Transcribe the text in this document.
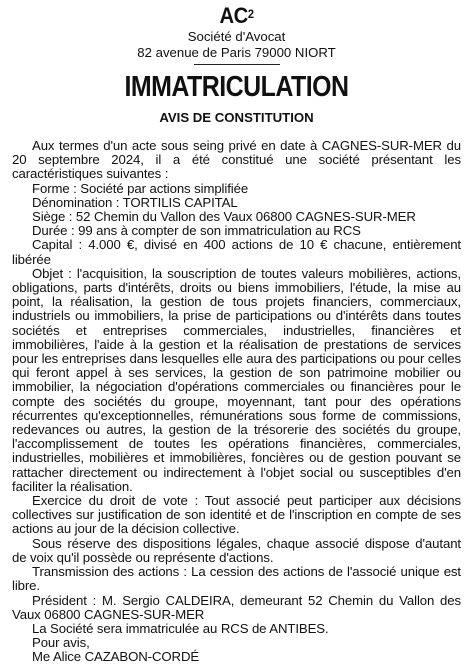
$AC^2$
Société d'Avocat
82 avenue de Paris 79000 NIORT
IMMATRICULATION
AVIS DE CONSTITUTION

Aux termes d'un acte sous seing privé en date à CAGNES-SUR-MER du 20 septembre 2024, il a été constitué une société présentant les caractéristiques suivantes :

Forme : Société par actions simplifiée

Dénomination : TORTILIS CAPITAL

Siège : 52 Chemin du Vallon des Vaux 06800 CAGNES-SUR-MER

Durée : 99 ans à compter de son immatriculation au RCS

Capital : 4.000 €, divisé en 400 actions de 10 € chacune, entièrement libérée

Objet : l'acquisition, la souscription de toutes valeurs mobilières, actions, obligations, parts d'intérêts, droits ou biens immobiliers, l'étude, la mise au point, la réalisation, la gestion de tous projets financiers, commerciaux, industriels ou immobiliers, la prise de participations ou d'intérêts dans toutes sociétés et entreprises commerciales, industrielles, financières et immobilières, l'aide à la gestion et la réalisation de prestations de services pour les entreprises dans lesquelles elle aura des participations ou pour celles qui feront appel à ses services, la gestion de son patrimoine mobilier ou immobilier, la négociation d'opérations commerciales ou financières pour le compte des sociétés du groupe, moyennant, tant pour des opérations récurrentes qu'exceptionnelles, rémunérations sous forme de commissions, redevances ou autres, la gestion de la trésorerie des sociétés du groupe, l'accomplissement de toutes les opérations financières, commerciales, industrielles, mobilières et immobilières, foncières ou de gestion pouvant se rattacher directement ou indirectement à l'objet social ou susceptibles d'en faciliter la réalisation.

Exercice du droit de vote : Tout associé peut participer aux décisions collectives sur justification de son identité et de l'inscription en compte de ses actions au jour de la décision collective.

Sous réserve des dispositions légales, chaque associé dispose d'autant de voix qu'il possède ou représente d'actions.

Transmission des actions : La cession des actions de l'associé unique est libre.

Président : M. Sergio CALDEIRA, demeurant 52 Chemin du Vallon des Vaux 06800 CAGNES-SUR-MER

La Société sera immatriculée au RCS de ANTIBES.

Pour avis,

Me Alice CAZABON-CORDÉ
